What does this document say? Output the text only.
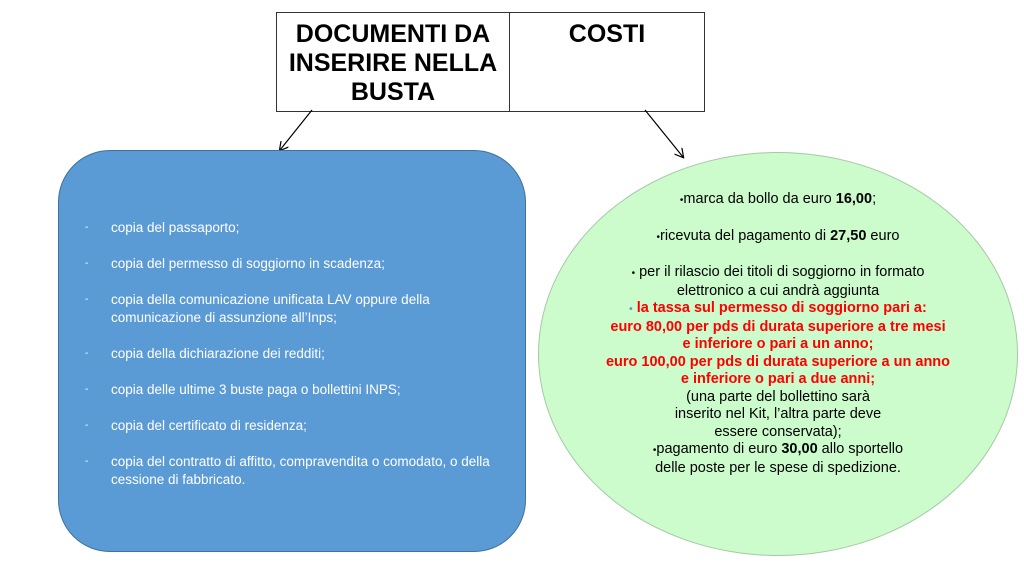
DOCUMENTI DA INSERIRE NELLA BUSTA
COSTI
- copia del passaporto;
- copia del permesso di soggiorno in scadenza;
- copia della comunicazione unificata LAV oppure della comunicazione di assunzione all’Inps;
- copia della dichiarazione dei redditi;
- copia delle ultime 3 buste paga o bollettini INPS;
- copia del certificato di residenza;
- copia del contratto di affitto, compravendita o comodato, o della cessione di fabbricato.

•marca da bollo da euro 16,00;

•ricevuta del pagamento di 27,50 euro

• per il rilascio dei titoli di soggiorno in formato

elettronico a cui andrà aggiunta

• la tassa sul permesso di soggiorno pari a:

euro 80,00 per pds di durata superiore a tre mesi

e inferiore o pari a un anno;

euro 100,00 per pds di durata superiore a un anno

e inferiore o pari a due anni;

(una parte del bollettino sarà

inserito nel Kit, l’altra parte deve

essere conservata);

•pagamento di euro 30,00 allo sportello

delle poste per le spese di spedizione.
